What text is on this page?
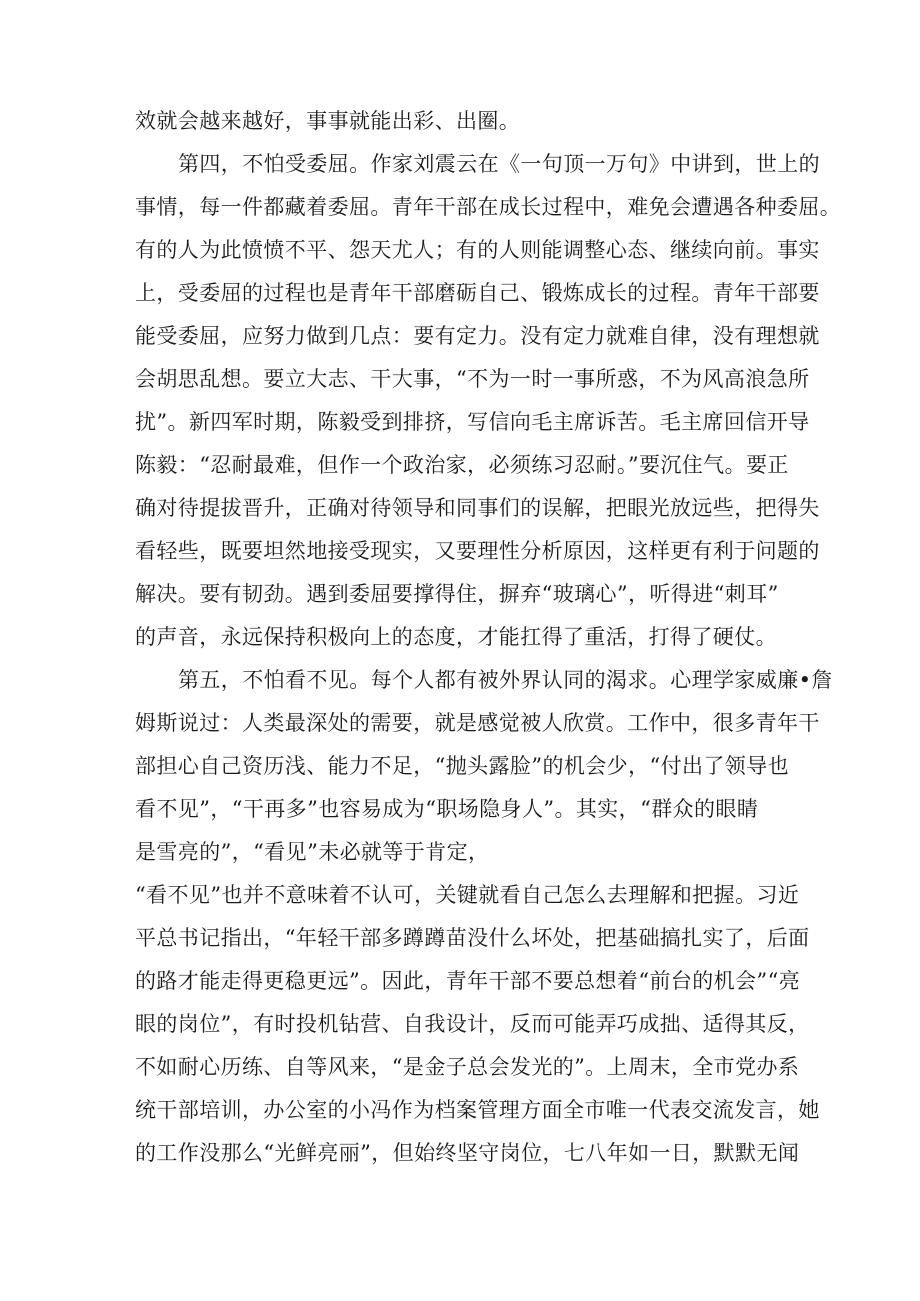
效就会越来越好，事事就能出彩、出圈。
第四，不怕受委屈。作家刘震云在《一句顶一万句》中讲到，世上的
事情，每一件都藏着委屈。青年干部在成长过程中，难免会遭遇各种委屈。
有的人为此愤愤不平、怨天尤人；有的人则能调整心态、继续向前。事实
上，受委屈的过程也是青年干部磨砺自己、锻炼成长的过程。青年干部要
能受委屈，应努力做到几点：要有定力。没有定力就难自律，没有理想就
会胡思乱想。要立大志、干大事，“不为一时一事所惑，不为风高浪急所
扰”。新四军时期，陈毅受到排挤，写信向毛主席诉苦。毛主席回信开导
陈毅：“忍耐最难，但作一个政治家，必须练习忍耐。”要沉住气。要正
确对待提拔晋升，正确对待领导和同事们的误解，把眼光放远些，把得失
看轻些，既要坦然地接受现实，又要理性分析原因，这样更有利于问题的
解决。要有韧劲。遇到委屈要撑得住，摒弃“玻璃心”，听得进“刺耳”
的声音，永远保持积极向上的态度，才能扛得了重活，打得了硬仗。
第五，不怕看不见。每个人都有被外界认同的渴求。心理学家威廉•詹
姆斯说过：人类最深处的需要，就是感觉被人欣赏。工作中，很多青年干
部担心自己资历浅、能力不足，“抛头露脸”的机会少，“付出了领导也
看不见”，“干再多”也容易成为“职场隐身人”。其实，“群众的眼睛
是雪亮的”，“看见”未必就等于肯定，
“看不见”也并不意味着不认可，关键就看自己怎么去理解和把握。习近
平总书记指出，“年轻干部多蹲蹲苗没什么坏处，把基础搞扎实了，后面
的路才能走得更稳更远”。因此，青年干部不要总想着“前台的机会”“亮
眼的岗位”，有时投机钻营、自我设计，反而可能弄巧成拙、适得其反，
不如耐心历练、自等风来，“是金子总会发光的”。上周末，全市党办系
统干部培训，办公室的小冯作为档案管理方面全市唯一代表交流发言，她
的工作没那么“光鲜亮丽”，但始终坚守岗位，七八年如一日，默默无闻
